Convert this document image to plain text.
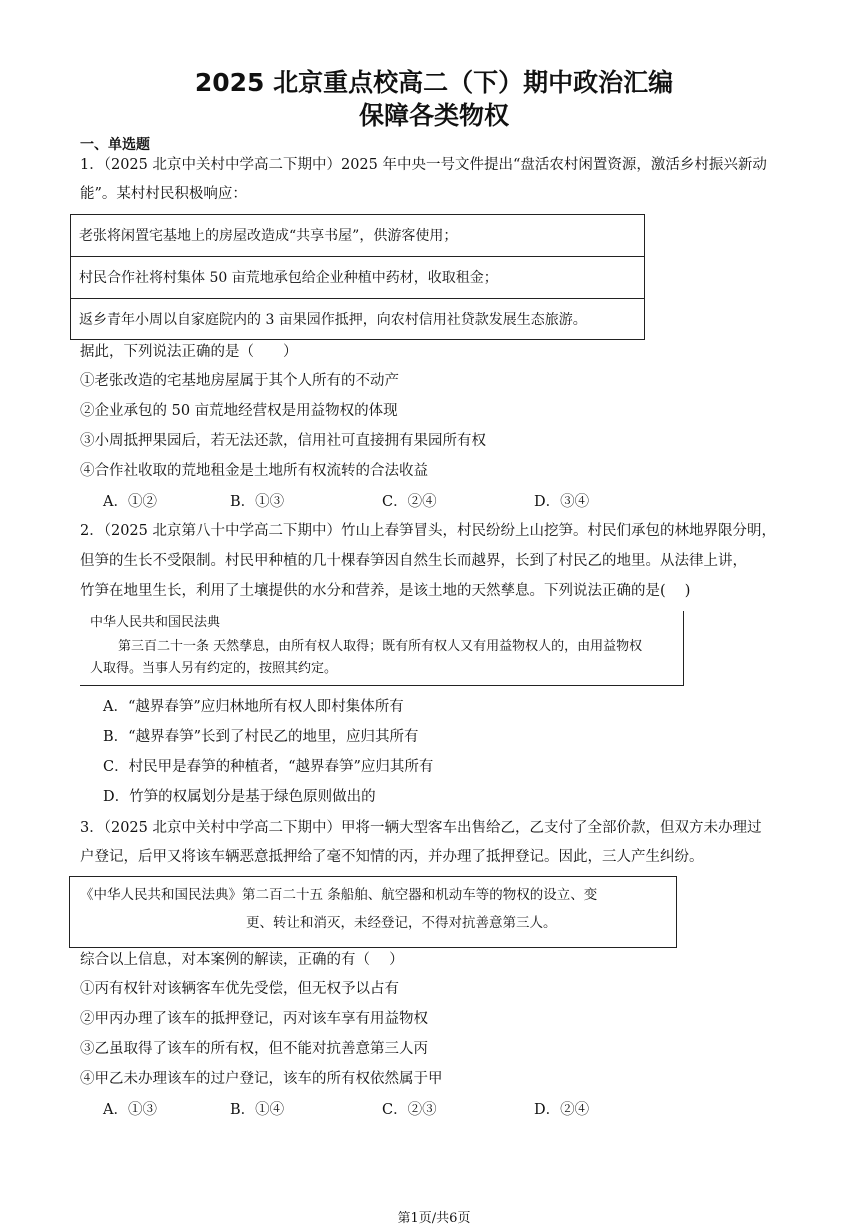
2025 北京重点校高二（下）期中政治汇编
保障各类物权
一、单选题
1．（2025 北京中关村中学高二下期中）2025 年中央一号文件提出“盘活农村闲置资源，激活乡村振兴新动
能”。某村村民积极响应：
老张将闲置宅基地上的房屋改造成“共享书屋”，供游客使用；
村民合作社将村集体 50 亩荒地承包给企业种植中药材，收取租金；
返乡青年小周以自家庭院内的 3 亩果园作抵押，向农村信用社贷款发展生态旅游。
据此，下列说法正确的是（　　）
①老张改造的宅基地房屋属于其个人所有的不动产
②企业承包的 50 亩荒地经营权是用益物权的体现
③小周抵押果园后，若无法还款，信用社可直接拥有果园所有权
④合作社收取的荒地租金是土地所有权流转的合法收益
A．①②	B．①③	C．②④	D．③④
2．（2025 北京第八十中学高二下期中）竹山上春笋冒头，村民纷纷上山挖笋。村民们承包的林地界限分明，
但笋的生长不受限制。村民甲种植的几十棵春笋因自然生长而越界，长到了村民乙的地里。从法律上讲，
竹笋在地里生长，利用了土壤提供的水分和营养，是该土地的天然孳息。下列说法正确的是(　 )
中华人民共和国民法典
第三百二十一条 天然孳息，由所有权人取得；既有所有权人又有用益物权人的，由用益物权
人取得。当事人另有约定的，按照其约定。
A．“越界春笋”应归林地所有权人即村集体所有
B．“越界春笋”长到了村民乙的地里，应归其所有
C．村民甲是春笋的种植者，“越界春笋”应归其所有
D．竹笋的权属划分是基于绿色原则做出的
3．（2025 北京中关村中学高二下期中）甲将一辆大型客车出售给乙，乙支付了全部价款，但双方未办理过
户登记，后甲又将该车辆恶意抵押给了毫不知情的丙，并办理了抵押登记。因此，三人产生纠纷。
《中华人民共和国民法典》第二百二十五 条船舶、航空器和机动车等的物权的设立、变
更、转让和消灭，未经登记，不得对抗善意第三人。
综合以上信息，对本案例的解读，正确的有（　 ）
①丙有权针对该辆客车优先受偿，但无权予以占有
②甲丙办理了该车的抵押登记，丙对该车享有用益物权
③乙虽取得了该车的所有权，但不能对抗善意第三人丙
④甲乙未办理该车的过户登记，该车的所有权依然属于甲
A．①③	B．①④	C．②③	D．②④
第1页/共6页
